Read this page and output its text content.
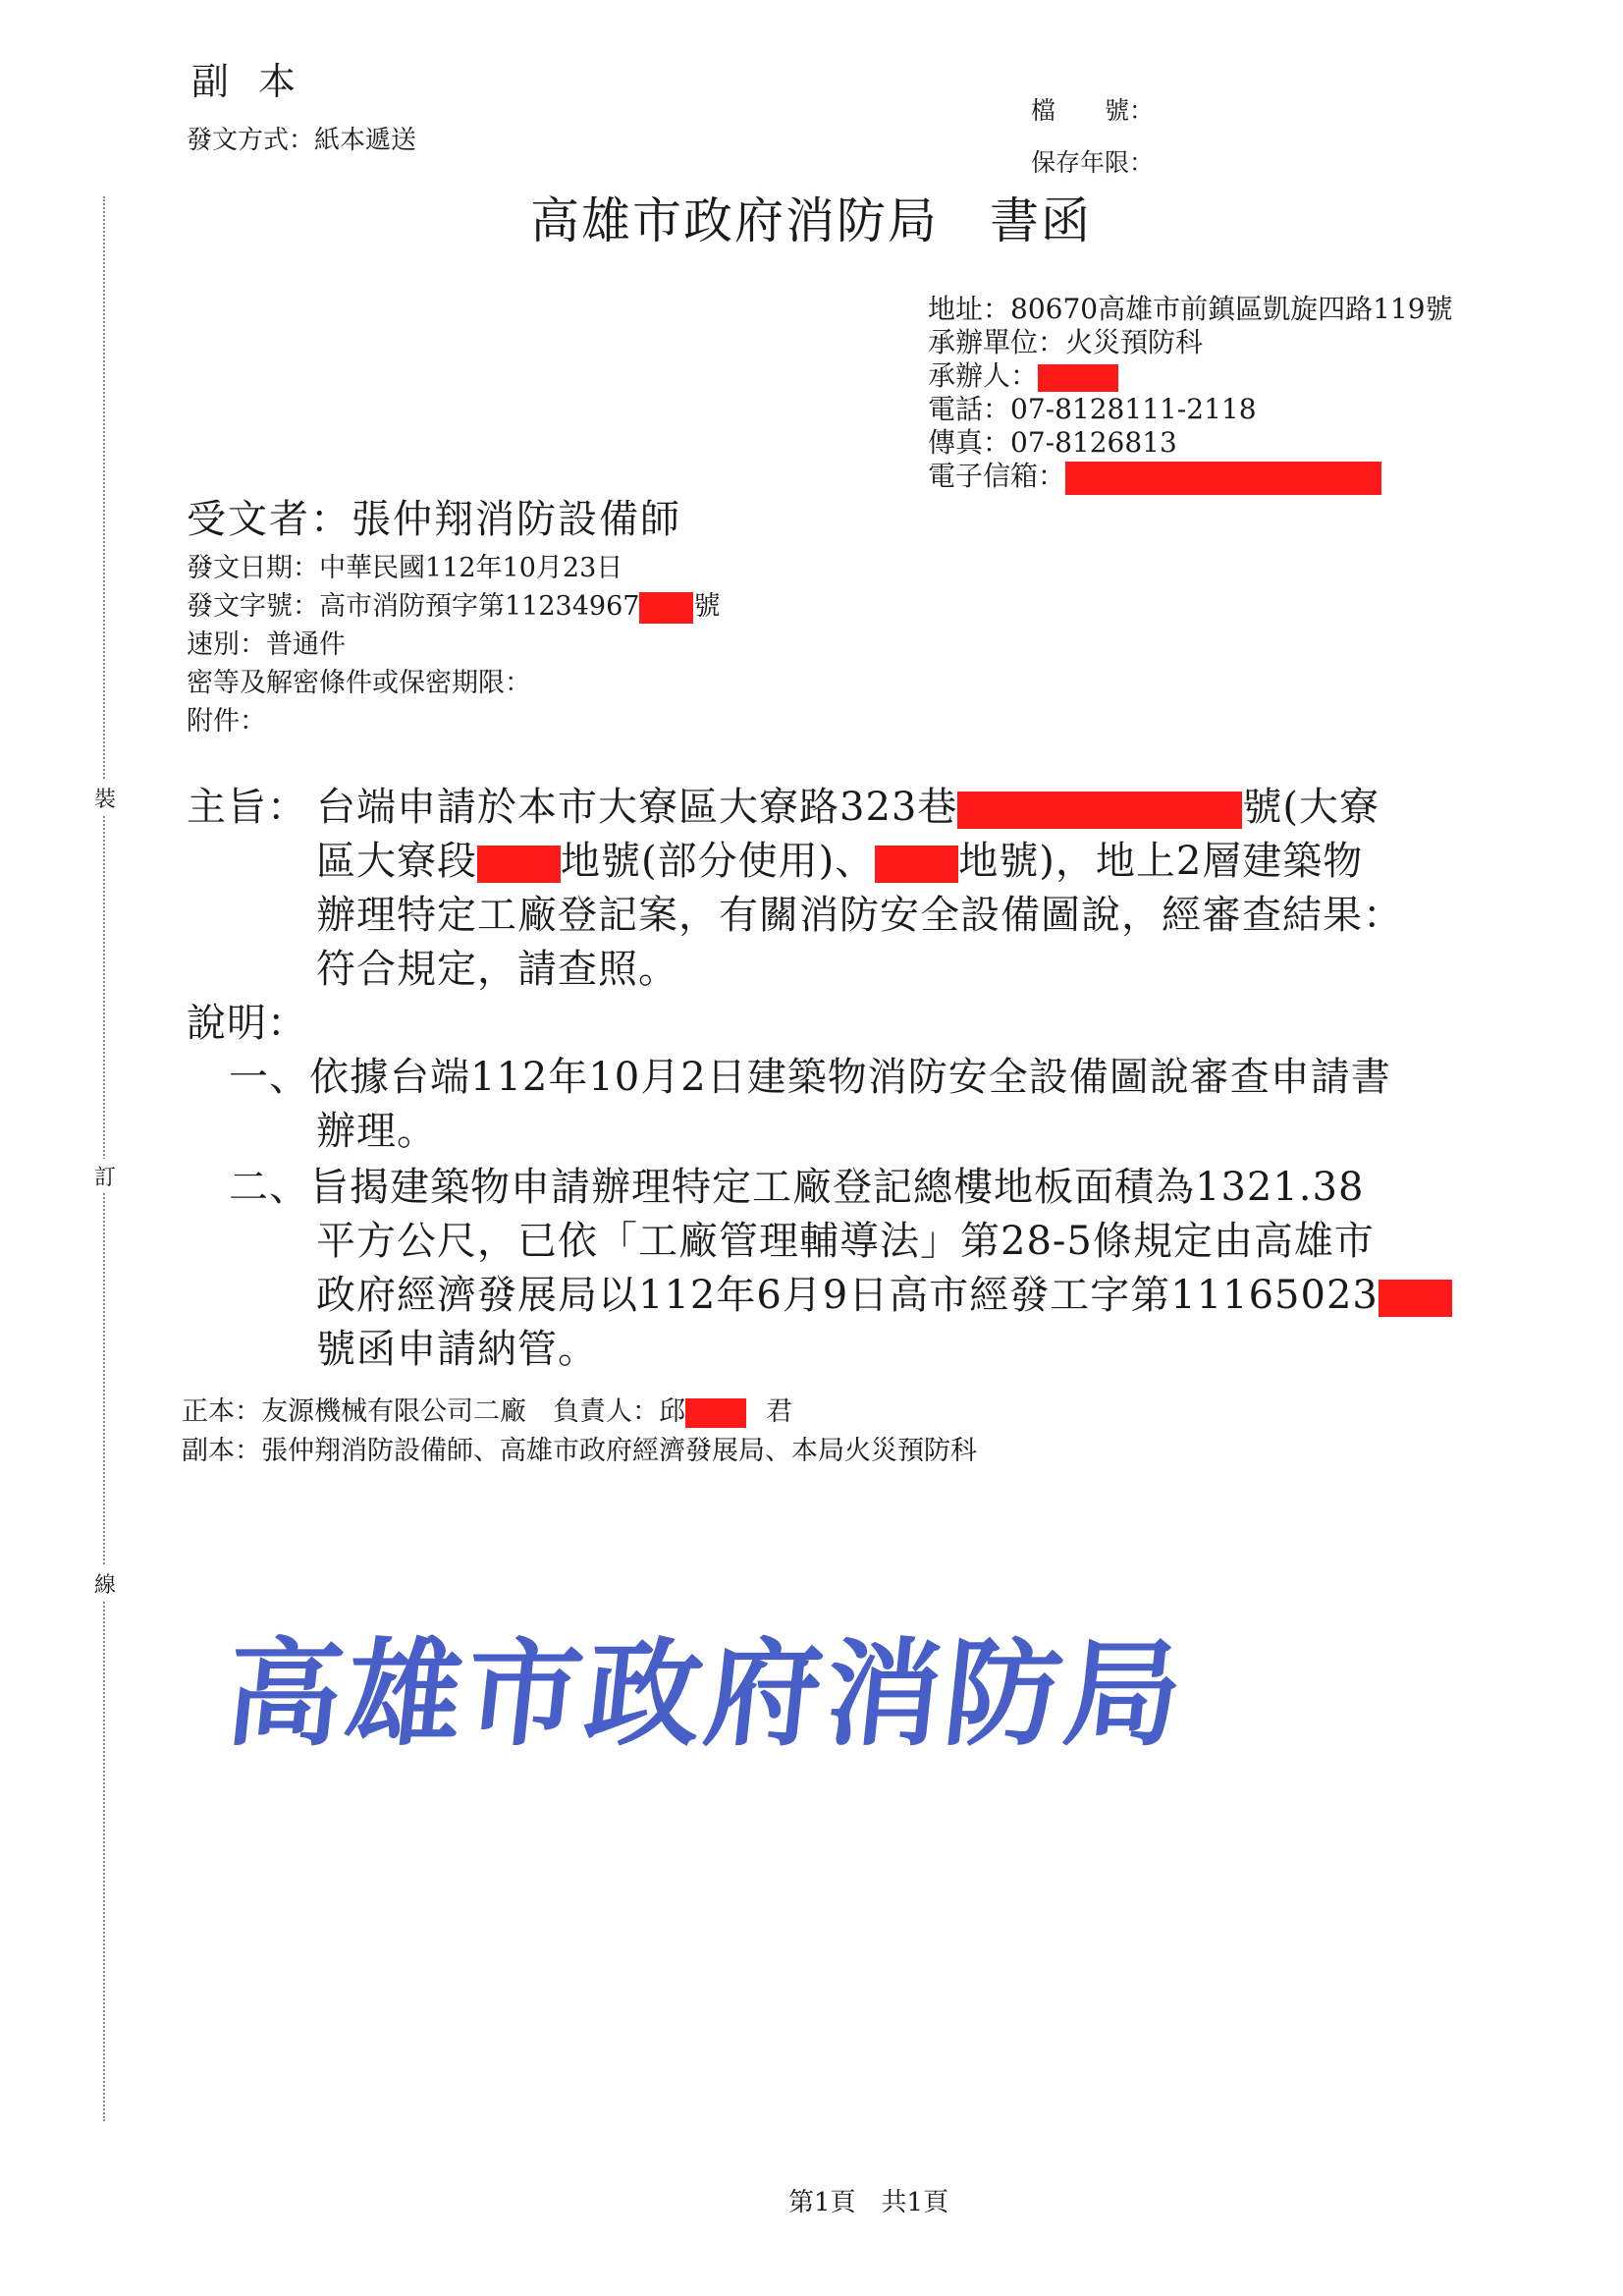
副本
發文方式：紙本遞送
檔　　號：
保存年限：
裝
訂
線
高雄市政府消防局　書函
地址：80670高雄市前鎮區凱旋四路119號
承辦單位：火災預防科
承辦人：
電話：07-8128111-2118
傳真：07-8126813
電子信箱：
受文者：張仲翔消防設備師
發文日期：中華民國112年10月23日
發文字號：高市消防預字第11234967 號
速別：普通件
密等及解密條件或保密期限：
附件：
主旨： 台端申請於本市大寮區大寮路323巷	號(大寮
區大寮段 地號(部分使用)、 地號)，地上2層建築物
辦理特定工廠登記案，有關消防安全設備圖說，經審查結果：
符合規定，請查照。
說明：
一、依據台端112年10月2日建築物消防安全設備圖說審查申請書
辦理。
二、旨揭建築物申請辦理特定工廠登記總樓地板面積為1321.38
平方公尺，已依「工廠管理輔導法」第28-5條規定由高雄市
政府經濟發展局以112年6月9日高市經發工字第11165023
號函申請納管。
正本：友源機械有限公司二廠　負責人：邱	君
副本：張仲翔消防設備師、高雄市政府經濟發展局、本局火災預防科
高雄市政府消防局
第1頁　共1頁
